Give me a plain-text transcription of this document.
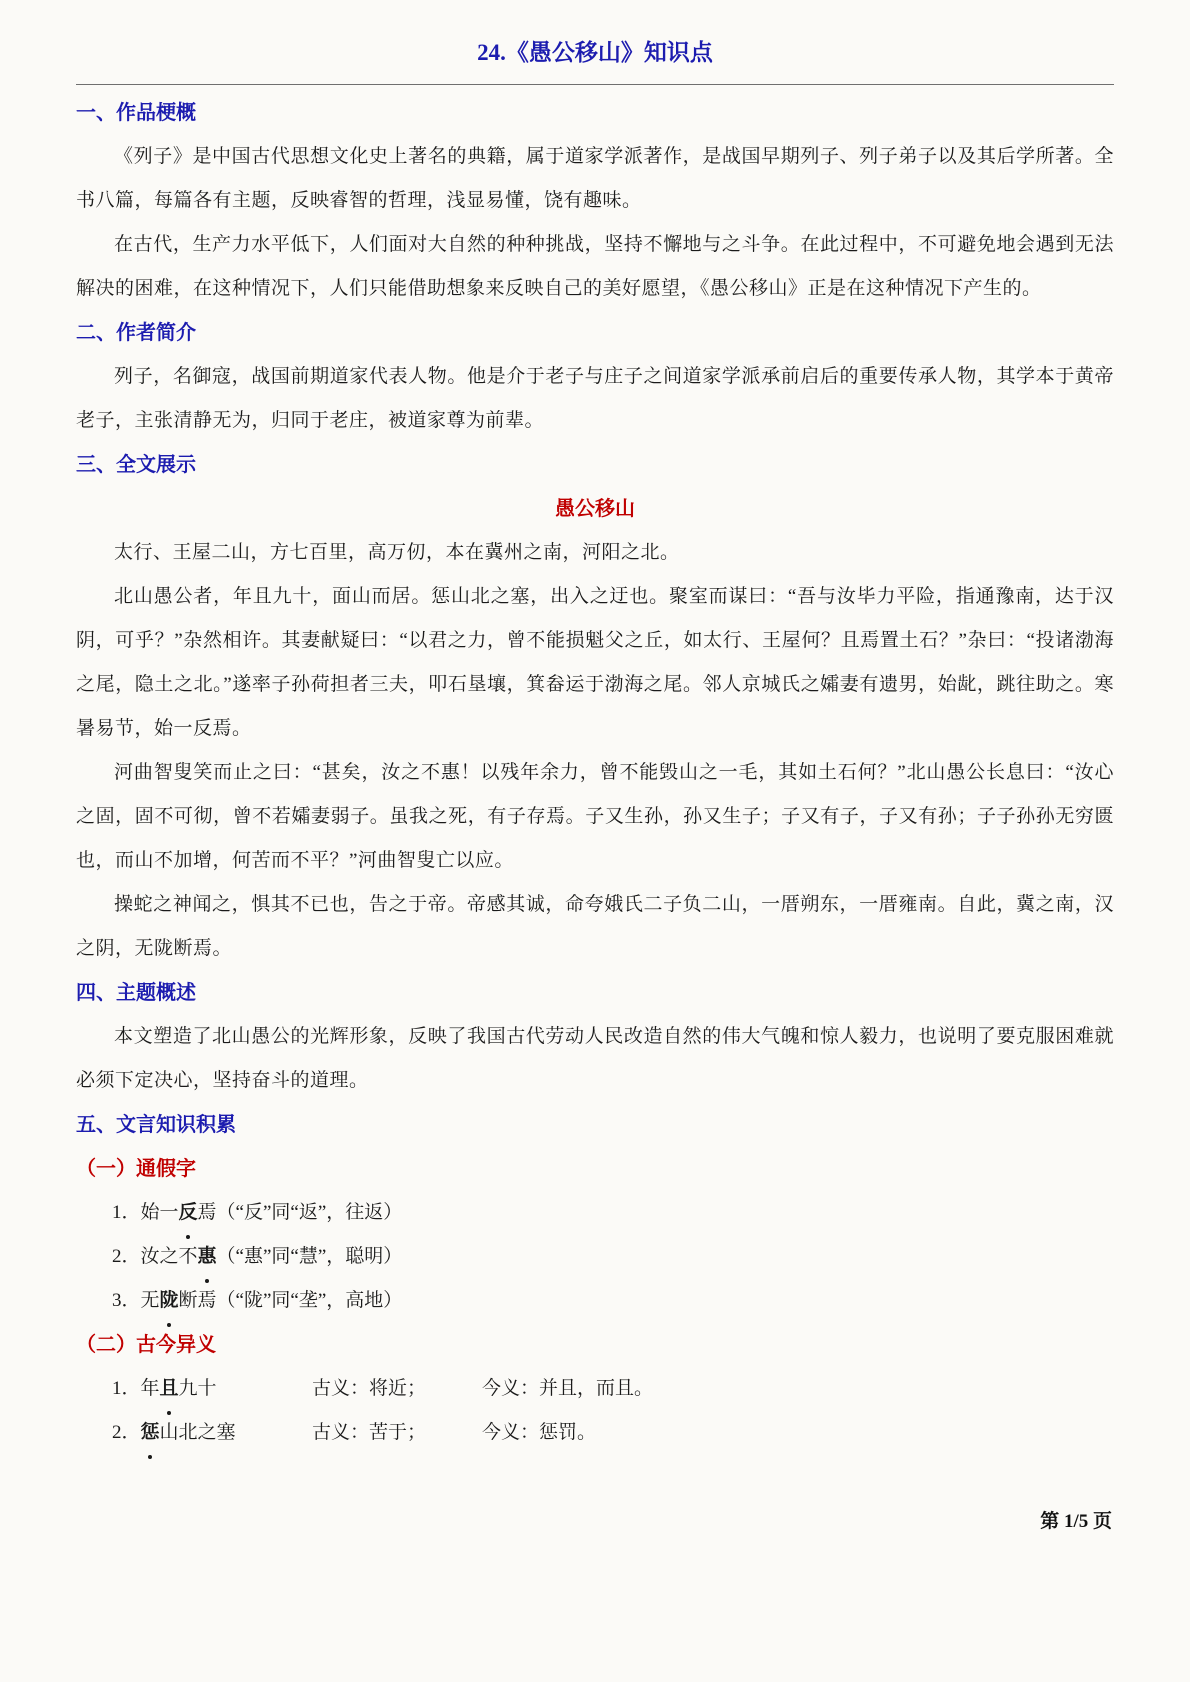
24.《愚公移山》知识点
一、作品梗概

《列子》是中国古代思想文化史上著名的典籍，属于道家学派著作，是战国早期列子、列子弟子以及其后学所著。全书八篇，每篇各有主题，反映睿智的哲理，浅显易懂，饶有趣味。

在古代，生产力水平低下，人们面对大自然的种种挑战，坚持不懈地与之斗争。在此过程中，不可避免地会遇到无法解决的困难，在这种情况下，人们只能借助想象来反映自己的美好愿望，《愚公移山》正是在这种情况下产生的。

二、作者简介

列子，名御寇，战国前期道家代表人物。他是介于老子与庄子之间道家学派承前启后的重要传承人物，其学本于黄帝老子，主张清静无为，归同于老庄，被道家尊为前辈。

三、全文展示
愚公移山

太行、王屋二山，方七百里，高万仞，本在冀州之南，河阳之北。

北山愚公者，年且九十，面山而居。惩山北之塞，出入之迂也。聚室而谋曰：“吾与汝毕力平险，指通豫南，达于汉阴，可乎？”杂然相许。其妻献疑曰：“以君之力，曾不能损魁父之丘，如太行、王屋何？且焉置土石？”杂曰：“投诸渤海之尾，隐土之北。”遂率子孙荷担者三夫，叩石垦壤，箕畚运于渤海之尾。邻人京城氏之孀妻有遗男，始龀，跳往助之。寒暑易节，始一反焉。

河曲智叟笑而止之曰：“甚矣，汝之不惠！以残年余力，曾不能毁山之一毛，其如土石何？”北山愚公长息曰：“汝心之固，固不可彻，曾不若孀妻弱子。虽我之死，有子存焉。子又生孙，孙又生子；子又有子，子又有孙；子子孙孙无穷匮也，而山不加增，何苦而不平？”河曲智叟亡以应。

操蛇之神闻之，惧其不已也，告之于帝。帝感其诚，命夸娥氏二子负二山，一厝朔东，一厝雍南。自此，冀之南，汉之阴，无陇断焉。

四、主题概述

本文塑造了北山愚公的光辉形象，反映了我国古代劳动人民改造自然的伟大气魄和惊人毅力，也说明了要克服困难就必须下定决心，坚持奋斗的道理。

五、文言知识积累
（一）通假字
1．始一反焉（“反”同“返”，往返）
2．汝之不惠（“惠”同“慧”，聪明）
3．无陇断焉（“陇”同“垄”，高地）
（二）古今异义
1．年且九十	古义：将近；	今义：并且，而且。
2．惩山北之塞	古义：苦于；	今义：惩罚。
第 1/5 页
